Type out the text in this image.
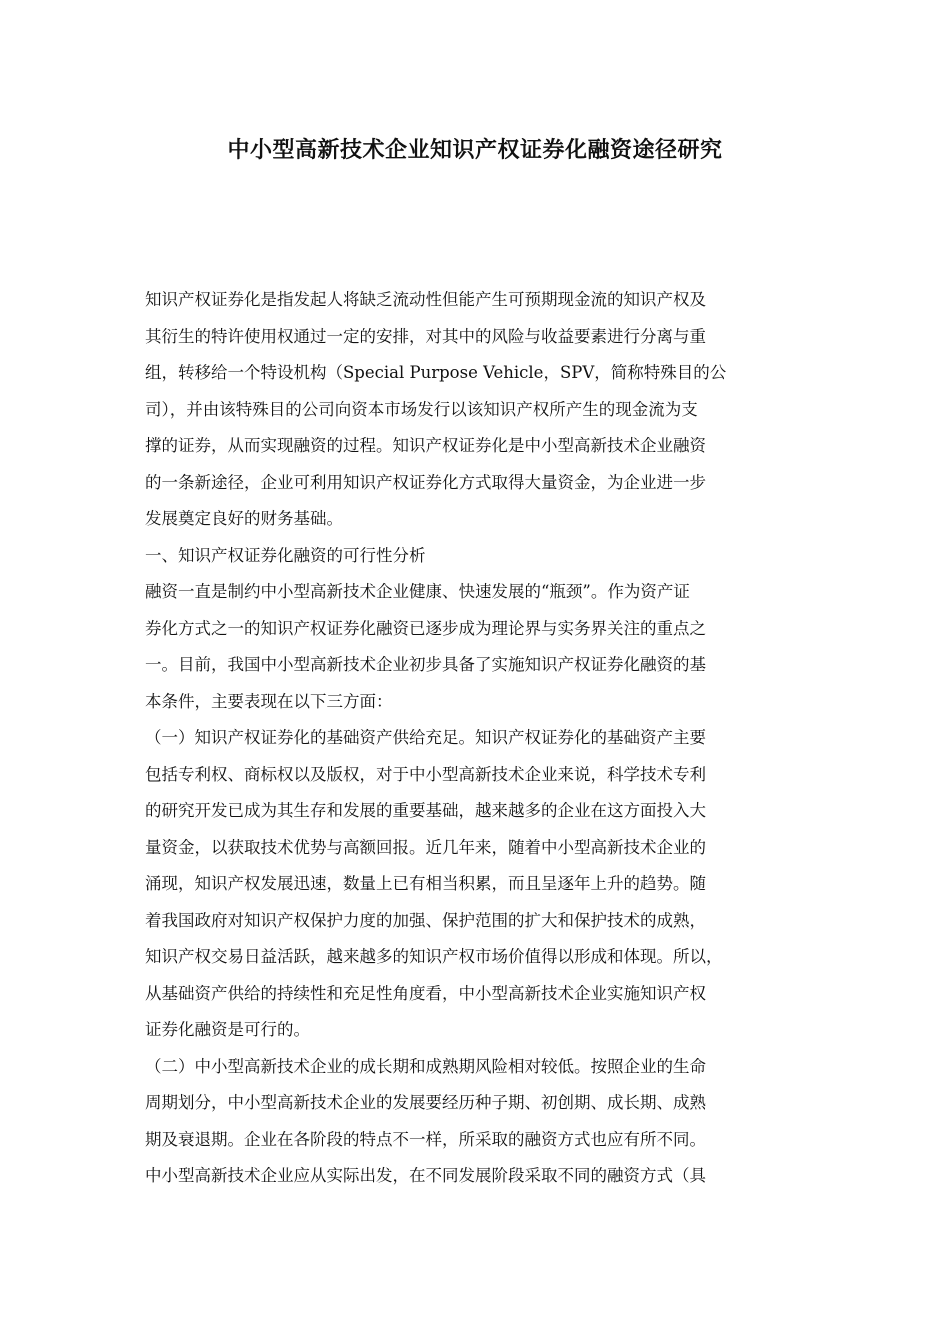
中小型高新技术企业知识产权证券化融资途径研究
知识产权证券化是指发起人将缺乏流动性但能产生可预期现金流的知识产权及
其衍生的特许使用权通过一定的安排，对其中的风险与收益要素进行分离与重
组，转移给一个特设机构（Special Purpose Vehicle，SPV，简称特殊目的公
司），并由该特殊目的公司向资本市场发行以该知识产权所产生的现金流为支
撑的证券，从而实现融资的过程。知识产权证券化是中小型高新技术企业融资
的一条新途径，企业可利用知识产权证券化方式取得大量资金，为企业进一步
发展奠定良好的财务基础。
一、知识产权证券化融资的可行性分析
融资一直是制约中小型高新技术企业健康、快速发展的“瓶颈”。作为资产证
券化方式之一的知识产权证券化融资已逐步成为理论界与实务界关注的重点之
一。目前，我国中小型高新技术企业初步具备了实施知识产权证券化融资的基
本条件，主要表现在以下三方面：
（一）知识产权证券化的基础资产供给充足。知识产权证券化的基础资产主要
包括专利权、商标权以及版权，对于中小型高新技术企业来说，科学技术专利
的研究开发已成为其生存和发展的重要基础，越来越多的企业在这方面投入大
量资金，以获取技术优势与高额回报。近几年来，随着中小型高新技术企业的
涌现，知识产权发展迅速，数量上已有相当积累，而且呈逐年上升的趋势。随
着我国政府对知识产权保护力度的加强、保护范围的扩大和保护技术的成熟，
知识产权交易日益活跃，越来越多的知识产权市场价值得以形成和体现。所以，
从基础资产供给的持续性和充足性角度看，中小型高新技术企业实施知识产权
证券化融资是可行的。
（二）中小型高新技术企业的成长期和成熟期风险相对较低。按照企业的生命
周期划分，中小型高新技术企业的发展要经历种子期、初创期、成长期、成熟
期及衰退期。企业在各阶段的特点不一样，所采取的融资方式也应有所不同。
中小型高新技术企业应从实际出发，在不同发展阶段采取不同的融资方式（具
